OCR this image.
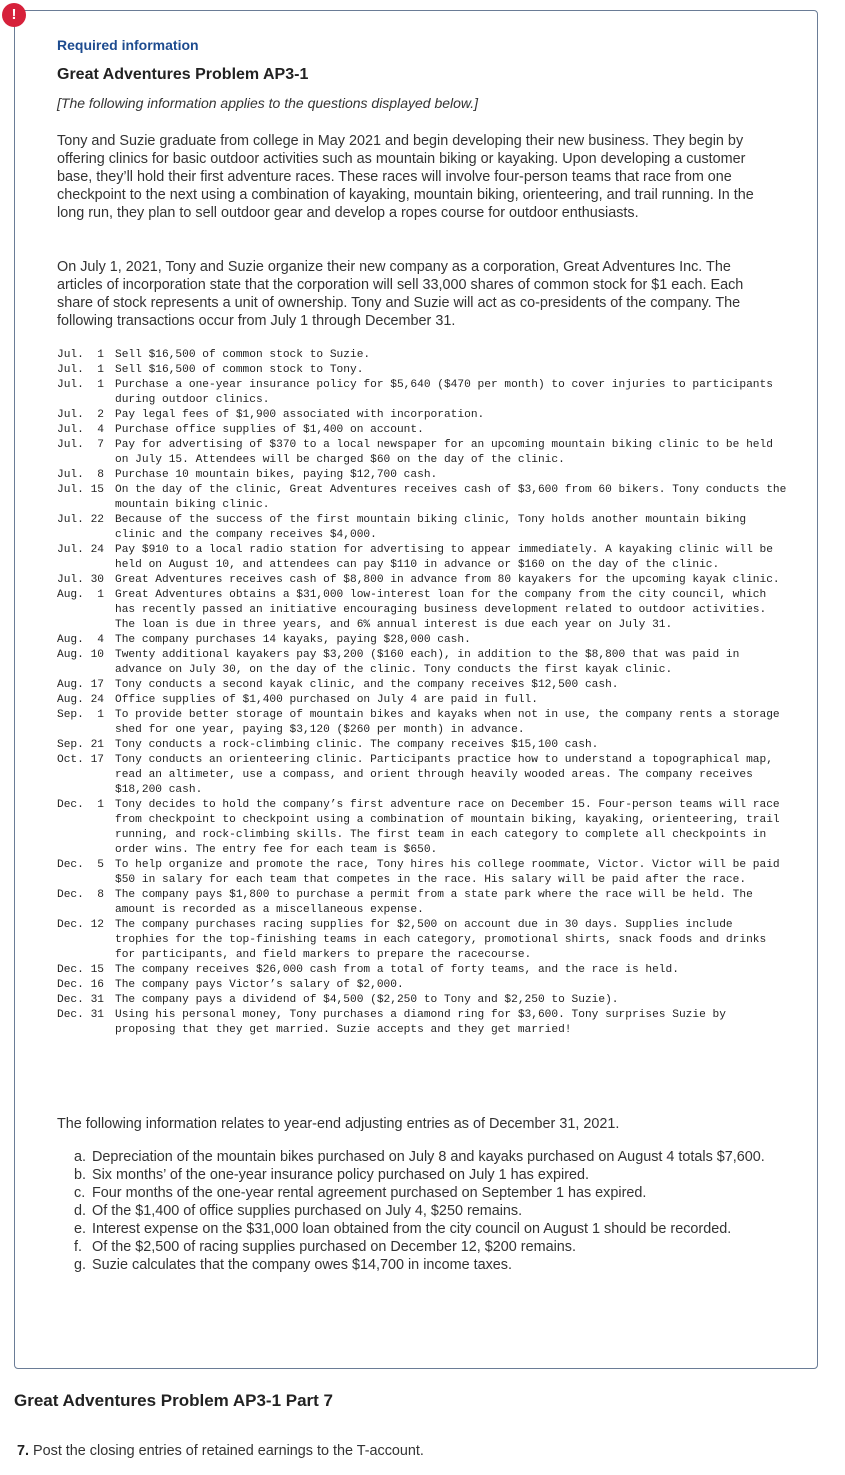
!
Required information
Great Adventures Problem AP3-1
[The following information applies to the questions displayed below.]

Tony and Suzie graduate from college in May 2021 and begin developing their new business. They begin by offering clinics for basic outdoor activities such as mountain biking or kayaking. Upon developing a customer base, they’ll hold their first adventure races. These races will involve four-person teams that race from one checkpoint to the next using a combination of kayaking, mountain biking, orienteering, and trail running. In the long run, they plan to sell outdoor gear and develop a ropes course for outdoor enthusiasts.

On July 1, 2021, Tony and Suzie organize their new company as a corporation, Great Adventures Inc. The articles of incorporation state that the corporation will sell 33,000 shares of common stock for $1 each. Each share of stock represents a unit of ownership. Tony and Suzie will act as co-presidents of the company. The following transactions occur from July 1 through December 31.

Jul.  1 Sell $16,500 of common stock to Suzie.
Jul.  1 Sell $16,500 of common stock to Tony.
Jul.  1 Purchase a one-year insurance policy for $5,640 ($470 per month) to cover injuries to participants during outdoor clinics.
Jul.  2 Pay legal fees of $1,900 associated with incorporation.
Jul.  4 Purchase office supplies of $1,400 on account.
Jul.  7 Pay for advertising of $370 to a local newspaper for an upcoming mountain biking clinic to be held on July 15. Attendees will be charged $60 on the day of the clinic.
Jul.  8 Purchase 10 mountain bikes, paying $12,700 cash.
Jul. 15 On the day of the clinic, Great Adventures receives cash of $3,600 from 60 bikers. Tony conducts the mountain biking clinic.
Jul. 22 Because of the success of the first mountain biking clinic, Tony holds another mountain biking clinic and the company receives $4,000.
Jul. 24 Pay $910 to a local radio station for advertising to appear immediately. A kayaking clinic will be held on August 10, and attendees can pay $110 in advance or $160 on the day of the clinic.
Jul. 30 Great Adventures receives cash of $8,800 in advance from 80 kayakers for the upcoming kayak clinic.
Aug.  1 Great Adventures obtains a $31,000 low-interest loan for the company from the city council, which has recently passed an initiative encouraging business development related to outdoor activities. The loan is due in three years, and 6% annual interest is due each year on July 31.
Aug.  4 The company purchases 14 kayaks, paying $28,000 cash.
Aug. 10 Twenty additional kayakers pay $3,200 ($160 each), in addition to the $8,800 that was paid in advance on July 30, on the day of the clinic. Tony conducts the first kayak clinic.
Aug. 17 Tony conducts a second kayak clinic, and the company receives $12,500 cash.
Aug. 24 Office supplies of $1,400 purchased on July 4 are paid in full.
Sep.  1 To provide better storage of mountain bikes and kayaks when not in use, the company rents a storage shed for one year, paying $3,120 ($260 per month) in advance.
Sep. 21 Tony conducts a rock-climbing clinic. The company receives $15,100 cash.
Oct. 17 Tony conducts an orienteering clinic. Participants practice how to understand a topographical map, read an altimeter, use a compass, and orient through heavily wooded areas. The company receives $18,200 cash.
Dec.  1 Tony decides to hold the company’s first adventure race on December 15. Four-person teams will race from checkpoint to checkpoint using a combination of mountain biking, kayaking, orienteering, trail running, and rock-climbing skills. The first team in each category to complete all checkpoints in order wins. The entry fee for each team is $650.
Dec.  5 To help organize and promote the race, Tony hires his college roommate, Victor. Victor will be paid $50 in salary for each team that competes in the race. His salary will be paid after the race.
Dec.  8 The company pays $1,800 to purchase a permit from a state park where the race will be held. The amount is recorded as a miscellaneous expense.
Dec. 12 The company purchases racing supplies for $2,500 on account due in 30 days. Supplies include trophies for the top-finishing teams in each category, promotional shirts, snack foods and drinks for participants, and field markers to prepare the racecourse.
Dec. 15 The company receives $26,000 cash from a total of forty teams, and the race is held.
Dec. 16 The company pays Victor’s salary of $2,000.
Dec. 31 The company pays a dividend of $4,500 ($2,250 to Tony and $2,250 to Suzie).
Dec. 31 Using his personal money, Tony purchases a diamond ring for $3,600. Tony surprises Suzie by proposing that they get married. Suzie accepts and they get married!
The following information relates to year-end adjusting entries as of December 31, 2021.
a. Depreciation of the mountain bikes purchased on July 8 and kayaks purchased on August 4 totals $7,600.
b. Six months’ of the one-year insurance policy purchased on July 1 has expired.
c. Four months of the one-year rental agreement purchased on September 1 has expired.
d. Of the $1,400 of office supplies purchased on July 4, $250 remains.
e. Interest expense on the $31,000 loan obtained from the city council on August 1 should be recorded.
f. Of the $2,500 of racing supplies purchased on December 12, $200 remains.
g. Suzie calculates that the company owes $14,700 in income taxes.
Great Adventures Problem AP3-1 Part 7
7. Post the closing entries of retained earnings to the T-account.
